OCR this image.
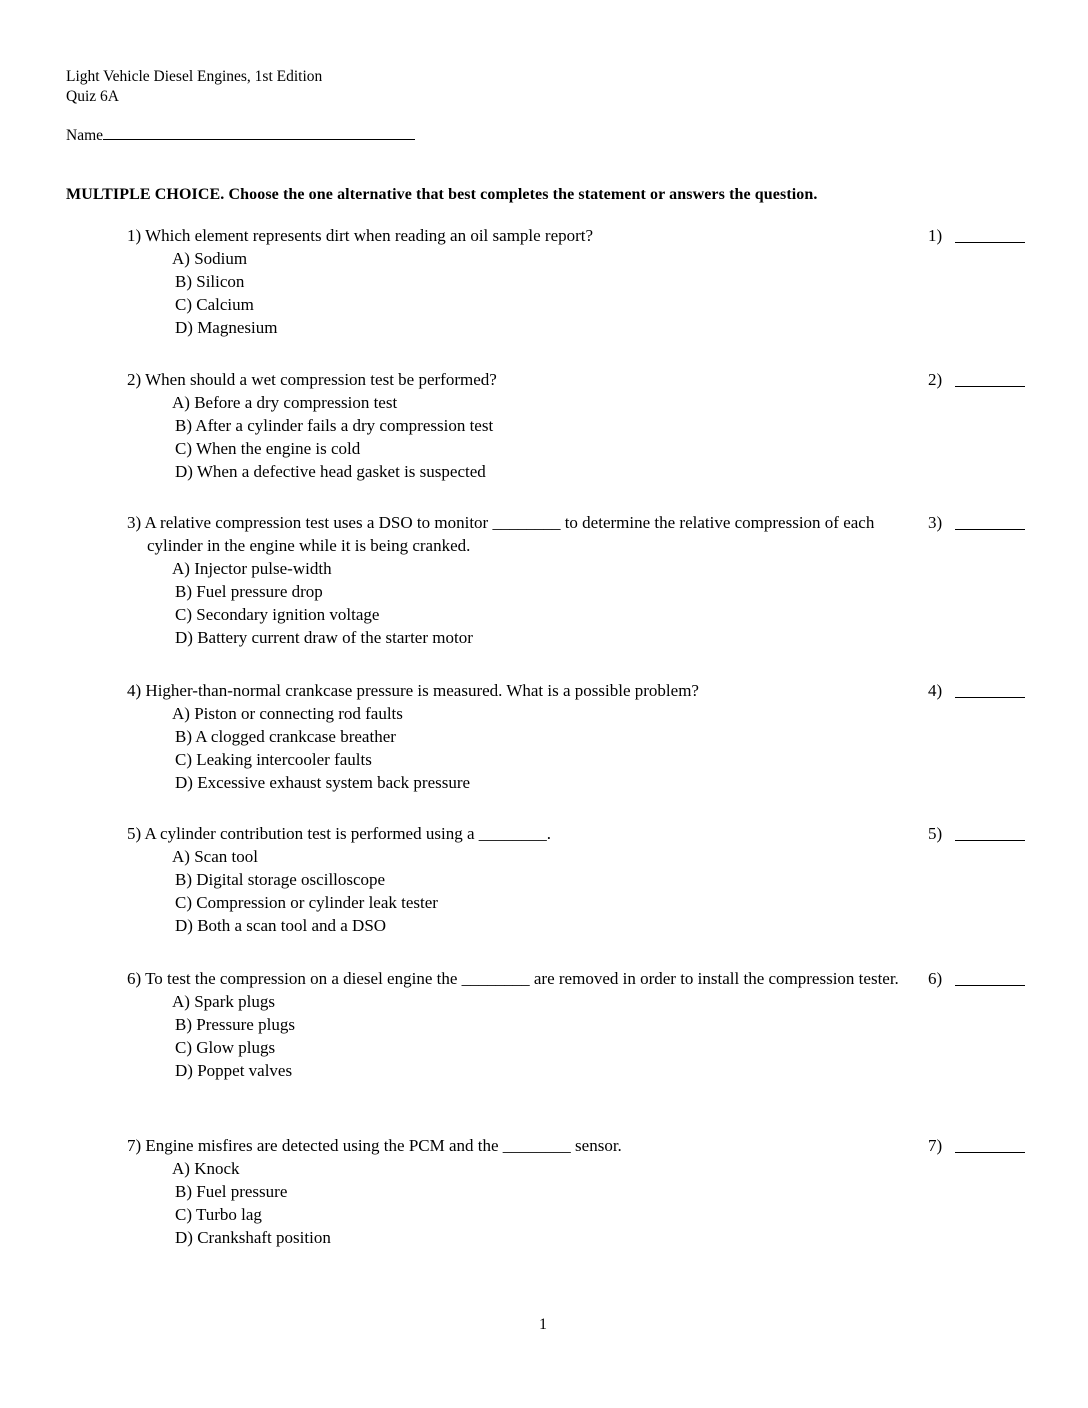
Light Vehicle Diesel Engines, 1st Edition
Quiz 6A
Name
MULTIPLE CHOICE. Choose the one alternative that best completes the statement or answers the question.
1) Which element represents dirt when reading an oil sample report?
A) Sodium
B) Silicon
C) Calcium
D) Magnesium
1)
2) When should a wet compression test be performed?
A) Before a dry compression test
B) After a cylinder fails a dry compression test
C) When the engine is cold
D) When a defective head gasket is suspected
2)
3) A relative compression test uses a DSO to monitor ________ to determine the relative compression of each cylinder in the engine while it is being cranked.
A) Injector pulse-width
B) Fuel pressure drop
C) Secondary ignition voltage
D) Battery current draw of the starter motor
3)
4) Higher-than-normal crankcase pressure is measured. What is a possible problem?
A) Piston or connecting rod faults
B) A clogged crankcase breather
C) Leaking intercooler faults
D) Excessive exhaust system back pressure
4)
5) A cylinder contribution test is performed using a ________.
A) Scan tool
B) Digital storage oscilloscope
C) Compression or cylinder leak tester
D) Both a scan tool and a DSO
5)
6) To test the compression on a diesel engine the ________ are removed in order to install the compression tester.
A) Spark plugs
B) Pressure plugs
C) Glow plugs
D) Poppet valves
6)
7) Engine misfires are detected using the PCM and the ________ sensor.
A) Knock
B) Fuel pressure
C) Turbo lag
D) Crankshaft position
7)
1
